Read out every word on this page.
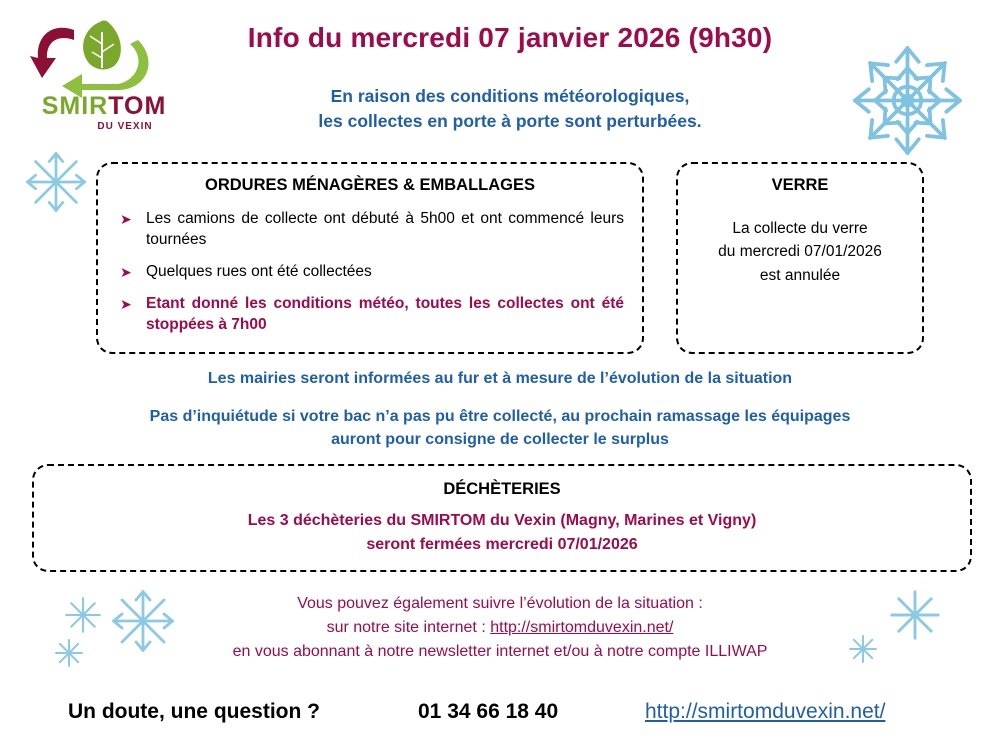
SMIRTOM
DU VEXIN
Info du mercredi 07 janvier 2026 (9h30)
En raison des conditions météorologiques,
les collectes en porte à porte sont perturbées.
ORDURES MÉNAGÈRES & EMBALLAGES
➤ Les camions de collecte ont débuté à 5h00 et ont commencé leurs tournées
➤ Quelques rues ont été collectées
➤ Etant donné les conditions météo, toutes les collectes ont été stoppées à 7h00
VERRE
La collecte du verre
du mercredi 07/01/2026
est annulée
Les mairies seront informées au fur et à mesure de l’évolution de la situation
Pas d’inquiétude si votre bac n’a pas pu être collecté, au prochain ramassage les équipages
auront pour consigne de collecter le surplus
DÉCHÈTERIES
Les 3 déchèteries du SMIRTOM du Vexin (Magny, Marines et Vigny)
seront fermées mercredi 07/01/2026
Vous pouvez également suivre l’évolution de la situation :
sur notre site internet : http://smirtomduvexin.net/
en vous abonnant à notre newsletter internet et/ou à notre compte ILLIWAP
Un doute, une question ?	01 34 66 18 40	http://smirtomduvexin.net/
